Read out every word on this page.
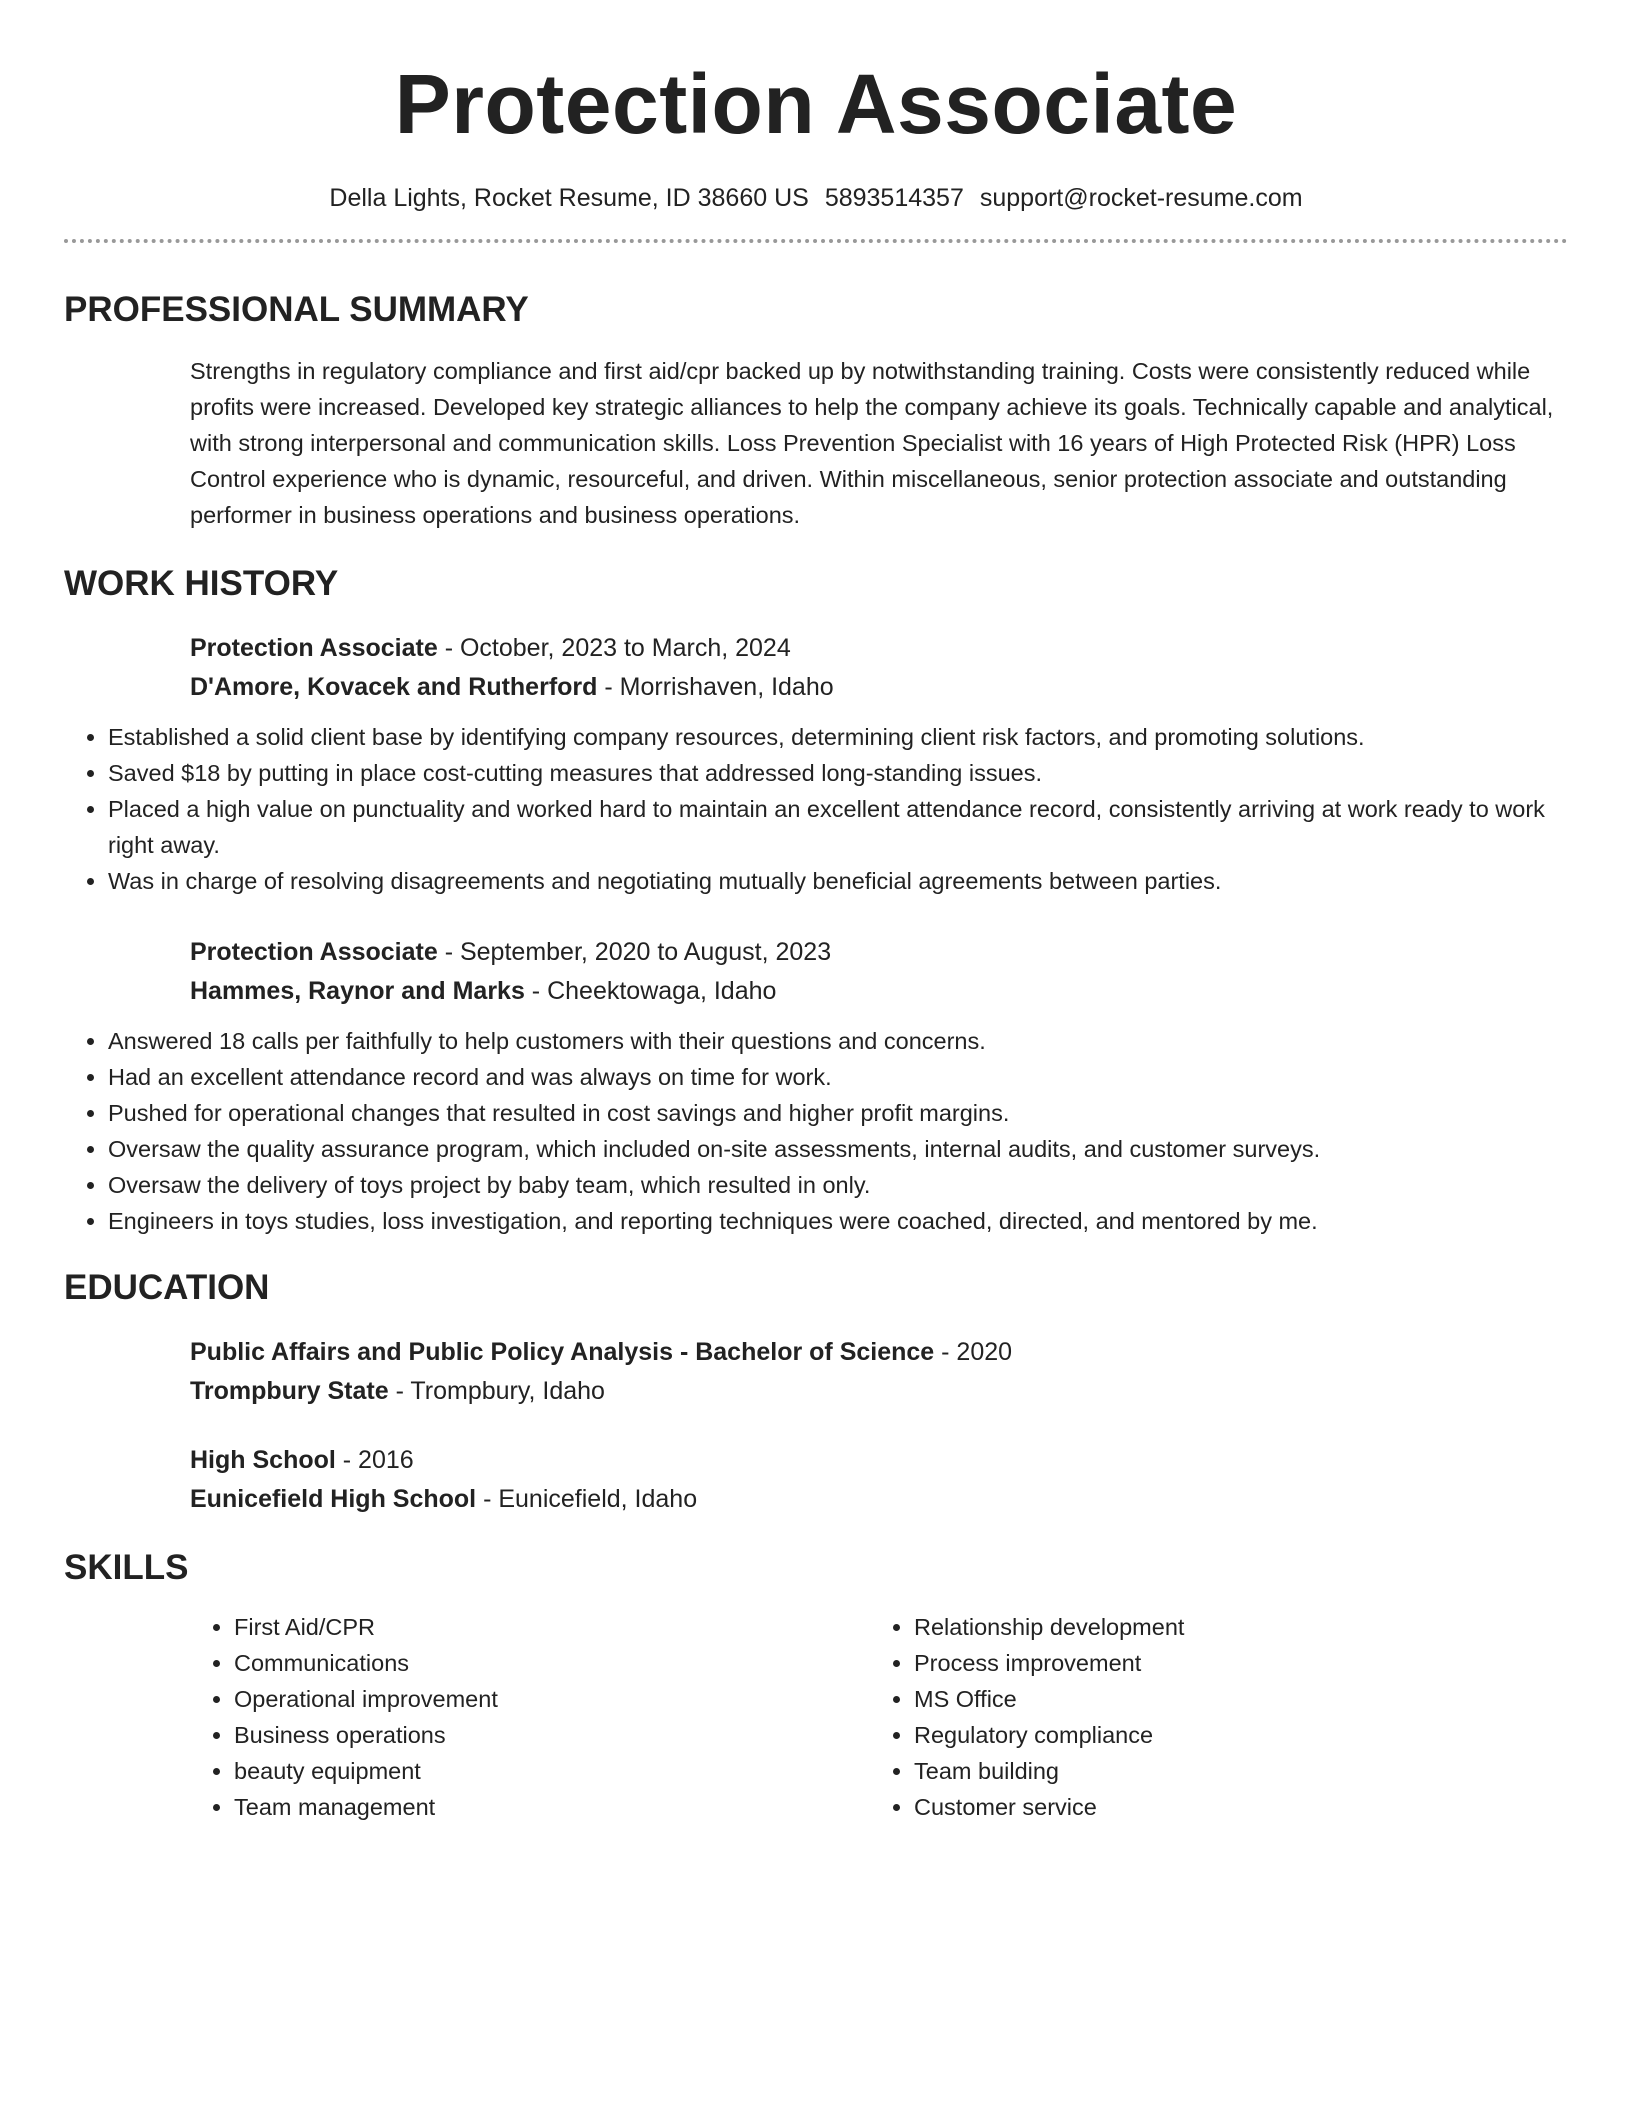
Protection Associate
Della Lights, Rocket Resume, ID 38660 US 5893514357 support@rocket-resume.com
PROFESSIONAL SUMMARY
Strengths in regulatory compliance and first aid/cpr backed up by notwithstanding training. Costs were consistently reduced while profits were increased. Developed key strategic alliances to help the company achieve its goals. Technically capable and analytical, with strong interpersonal and communication skills. Loss Prevention Specialist with 16 years of High Protected Risk (HPR) Loss Control experience who is dynamic, resourceful, and driven. Within miscellaneous, senior protection associate and outstanding performer in business operations and business operations.
WORK HISTORY
Protection Associate - October, 2023 to March, 2024
D'Amore, Kovacek and Rutherford - Morrishaven, Idaho
• Established a solid client base by identifying company resources, determining client risk factors, and promoting solutions.
• Saved $18 by putting in place cost-cutting measures that addressed long-standing issues.
• Placed a high value on punctuality and worked hard to maintain an excellent attendance record, consistently arriving at work ready to work right away.
• Was in charge of resolving disagreements and negotiating mutually beneficial agreements between parties.
Protection Associate - September, 2020 to August, 2023
Hammes, Raynor and Marks - Cheektowaga, Idaho
• Answered 18 calls per faithfully to help customers with their questions and concerns.
• Had an excellent attendance record and was always on time for work.
• Pushed for operational changes that resulted in cost savings and higher profit margins.
• Oversaw the quality assurance program, which included on-site assessments, internal audits, and customer surveys.
• Oversaw the delivery of toys project by baby team, which resulted in only.
• Engineers in toys studies, loss investigation, and reporting techniques were coached, directed, and mentored by me.
EDUCATION
Public Affairs and Public Policy Analysis - Bachelor of Science - 2020
Trompbury State - Trompbury, Idaho
High School - 2016
Eunicefield High School - Eunicefield, Idaho
SKILLS
• First Aid/CPR
• Communications
• Operational improvement
• Business operations
• beauty equipment
• Team management
• Relationship development
• Process improvement
• MS Office
• Regulatory compliance
• Team building
• Customer service
